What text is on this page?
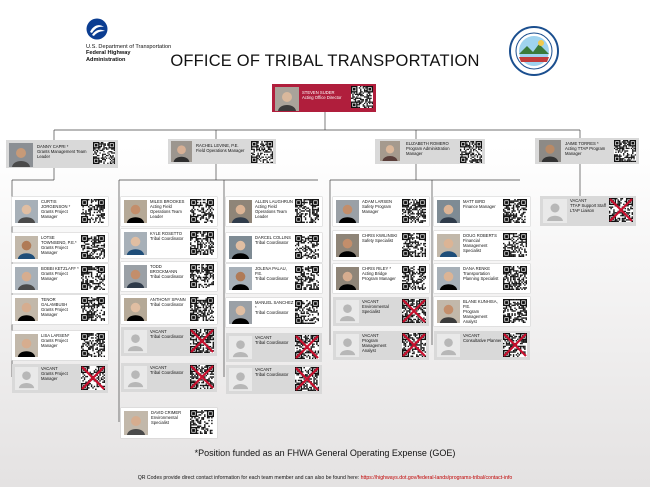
U.S. Department of Transportation
Federal Highway
Administration	OFFICE OF TRIBAL TRANSPORTATION
STEVEN SUDER
Acting Office Director
DANNY CAPRI *
Grants Management Team Leader
RACHEL LEVINE, P.E.
Field Operations Manager
ELIZABETH ROMERO
Program Administration Manager
JAIME TORRES *
Acting TTAP Program Manager
CURTIS JORGENSON *
Grants Project Manager
LOTSE TOWNSEND, P.E.*
Grants Project Manager
BOBBI KETZLAFF *
Grants Project Manager
TENOR GALAMBUSH
Grants Project Manager
LISA LARSEN*
Grants Project Manager
VACANT
Grants Project Manager
MILES BROOKES
Acting Field Operations Team Leader
KYLE ROSETTO
Tribal Coordinator
TODD BROCKMANN
Tribal Coordinator
ANTHONY SPANN
Tribal Coordinator
VACANT
Tribal Coordinator
VACANT
Tribal Coordinator
ALLEN LAUGHRUN
Acting Field Operations Team Leader
DARCEL COLLINS
Tribal Coordinator
JOLENA PALAU, P.E.
Tribal Coordinator
MANUEL SANCHEZ *
Tribal Coordinator
VACANT
Tribal Coordinator
VACANT
Tribal Coordinator
DAVID CRIMER
Environmental Specialist
ADAM LARSEN
Safety Program Manager
CHRIS KWILINSKI
Safety Specialist
CHRIS RILEY *
Acting Bridge Program Manager
VACANT
Environmental Specialist
VACANT
Program Management Analyst
MATT BIRD
Finance Manager
DOUG ROBERTS
Financial Management Specialist
DANA RENKE
Transportation Planning Specialist
BLANE KUNHISA, P.E.
Program Management Analyst
VACANT
Consultative Planner
VACANT
TTAP Support Staff LTAP Liaison
*Position funded as an FHWA General Operating Expense (GOE)
QR Codes provide direct contact information for each team member and can also be found here: https://highways.dot.gov/federal-lands/programs-tribal/contact-info
